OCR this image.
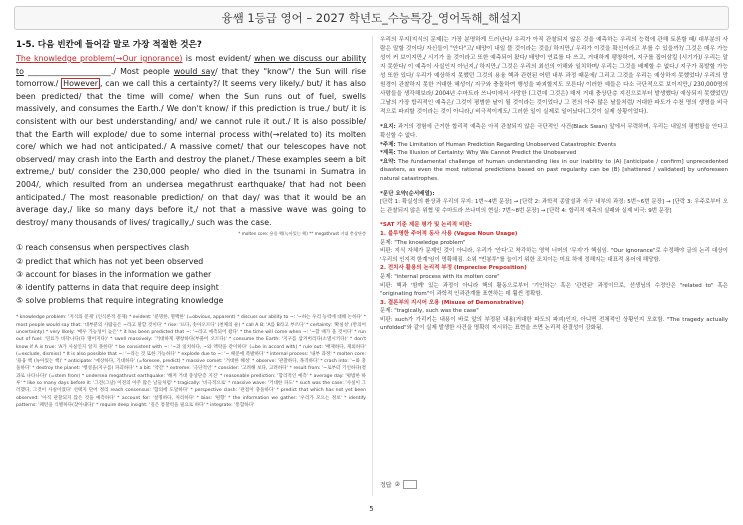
융쌤 1등급 영어 – 2027 학년도_수능특강_영어독해_해설지
1-5. 다음 빈칸에 들어갈 말로 가장 적절한 것은?
The knowledge problem(→Our ignorance) is most evident/ when we discuss our ability to _____________________./ Most people would say/ that they "know"/ the Sun will rise tomorrow./ However , can we call this a certainty?/ It seems very likely./ but/ it has also been predicted/ that the time will come/ when the Sun runs out of fuel, swells massively, and consumes the Earth./ We don't know/ if this prediction is true./ but/ it is consistent with our best understanding/ and/ we cannot rule it out./ It is also possible/ that the Earth will explode/ due to some internal process with(→related to) its molten core/ which we had not anticipated./ A massive comet/ that our telescopes have not observed/ may crash into the Earth and destroy the planet./ These examples seem a bit extreme,/ but/ consider the 230,000 people/ who died in the tsunami in Sumatra in 2004/, which resulted from an undersea megathrust earthquake/ that had not been anticipated./ The most reasonable prediction/ on that day/ was that it would be an average day,/ like so many days before it,/ not that a massive wave was going to destroy/ many thousands of lives/ tragically,/ such was the case.
* molten core: 용융 핵(녹아있는 핵) ** megathrust 거대 충상단층
① reach consensus when perspectives clash
② predict that which has not yet been observed
③ account for biases in the information we gather
④ identify patterns in data that require deep insight
⑤ solve problems that require integrating knowledge
* knowledge problem: '지식의 문제' (인식론적 문제) * evident: '분명한, 명백한' (=obvious, apparent) * discuss our ability to ~: '~하는 우리 능력에 대해 논하다' * most people would say that: '대부분의 사람들은 ~라고 말할 것이다' * rise: '뜨다, 솟아오르다' (천체의 운) * call A B: 'A를 B라고 부르다' * certainty: '확실성' (반의어 uncertainty) * very likely: '매우 가능성이 높은' * it has been predicted that ~: '~라고 예측되어 왔다' * the time will come when ~: '~할 때가 올 것이다' * run out of fuel: '연료가 바닥나다(다 떨어지다)' * swell massively: '거대하게 팽창하다(부풀어 오르다)' * consume the Earth: '지구를 삼켜버리다(소멸시키다)' * don't know if A is true: 'A가 사실인지 알지 못한다' * be consistent with ~: '~과 일치하다, ~와 맥락을 같이하다' (=be in accord with) * rule out: '배제하다, 제외하다' (=exclude, dismiss) * It is also possible that ~: '~라는 것 또한 가능하다' * explode due to ~: '~ 때문에 폭발하다' * internal process: '내부 과정' * molten core: '용융 핵 (녹아있는 핵)' * anticipate: '예상하다, 기대하다' (=foresee, predict) * massive comet: '거대한 혜성' * observe: '관찰하다, 목격하다' * crash into: '~와 충돌하다' * destroy the planet: '행성을(지구를) 파괴하다' * a bit: '약간' * extreme: '극단적인' * consider: '고려해 보다, 고려하다' * result from: '~로부터 기인하다(결과로 나타나다)' (=stem from) * undersea megathrust earthquake: '해저 거대 충상단층 지진' * reasonable prediction: '합리적인 예측' * average day: '평범한 하루' * like so many days before it: '그전(그날) 이전의 아주 많은 날들처럼' * tragically: '비극적으로' * massive wave: '거대한 파도' * such was the case: '사실이 그러했다, 그것이 사실이었다' 선택지 단어 정리 reach consensus: '합의에 도달하다' * perspective clash: '관점이 충돌하다' * predict that which has not yet been observed: '아직 관찰되지 않은 것을 예측하다' * account for: '설명하다, 처리하다' * bias: '편향' * the information we gather: '우리가 모으는 정보' * identify patterns: '패턴을 식별하다(찾아내다)' * require deep insight: '깊은 통찰력을 필요로 하다' * integrate: '통합하다'
우리의 무지(지식의 문제)는 가장 분명하게 드러난다/ 우리가 아직 관찰되지 않은 것을 예측하는 우리의 능력에 관해 토론할 때/ 대부분의 사람은 말할 것이다/ 자신들이 "안다"고/ 태양이 내일 뜰 것이라는 것을/ 하지만,/ 우리가 이것을 확신이라고 부를 수 있을까?/ 그것은 매우 가능성이 커 보이지만,/ 시기가 올 것이라고 또한 예측되어 왔다/ 태양이 연료를 다 쓰고, 거대하게 팽창하여, 지구를 집어삼킬 (시기가)/ 우리는 알지 못한다/ 이 예측이 사실인지 아닌지,/ 하지만,/ 그것은 우리의 최선의 이해와 일치하며/ 우리는 그것을 배제할 수 없다./ 지구가 폭발할 가능성 또한 있다/ 우리가 예상하지 못했던 그것의 용융 핵과 관련된 어떤 내부 과정 때문에/ 그리고 그것을 우리는 예상하지 못했었다/ 우리의 망원경이 관찰하지 못한 거대한 혜성이/ 지구와 충돌하여 행성을 파괴할지도 모른다/ 이러한 예들은 다소 극단적으로 보이지만,/ 230,000명의 사람들을 생각해보라/ 2004년 수마트라 쓰나미에서 사망한 (그런데 그것은) 해저 거대 충상단층 지진으로부터 발생했다/ 예상되지 못했었던/ 그날의 가장 합리적인 예측은/ 그것이 평범한 날이 될 것이라는 것이었다,/ 그 전의 아주 많은 날들처럼/ 거대한 파도가 수천 명의 생명을 비극적으로 파괴할 것이라는 것이 아니라,/ 비극적이게도/ 그러한 일이 실제로 일어났다(그것이 실제 상황이었다).
*요지: 과거의 경험에 근거한 합리적 예측은 아직 관찰되지 않은 극단적인 사건(Black Swan) 앞에서 무력하며, 우리는 내일의 평범함을 안다고 확신할 수 없다.
*주제: The Limitation of Human Prediction Regarding Unobserved Catastrophic Events
*제목: The Illusion of Certainty: Why We Cannot Predict the Unobserved
*요약: The fundamental challenge of human understanding lies in our inability to (A) [anticipate / confirm] unprecedented disasters, as even the most rational predictions based on past regularity can be (B) [shattered / validated] by unforeseen natural catastrophes.
*문단 요약(순서배열):
[단락 1: 확실성의 환상과 우리의 무지: 1번~4번 문장] → [단락 2: 과학적 종말설과 지구 내부의 과정: 5번~6번 문장] → [단락 3: 우주로부터 오는 관찰되지 않은 위협 및 수마트라 쓰나미의 현실: 7번~8번 문장] → [단락 4: 합리적 예측의 실패와 실제 비극: 9번 문장]
*SAT 기준 제문 평가 및 논리적 비판:
1. 불투명한 주어적 동사 사용 (Vague Noun Usage)
문제: "The knowledge problem"
비판: 지식 자체가 문제인 것이 아니라, 우리가 '안다'고 착각하는 영역 너머의 '무지'가 핵심임. "Our ignorance"로 수정해야 글의 논리 대상이 '우리의 인지적 한계'임이 명확해짐. 소위 "빈봉투"를 늘이기 위한 조치이는 미묘 하에 정해지는 대표적 용어에 해당함.
2. 전치사 활용의 논리적 부정 (Imprecise Preposition)
문제: "internal process with its molten core"
비판: 핵과 '함께' 있는 과정이 아니라 핵의 활동으로부터 '기인하는' 혹은 '관련된' 과정이므로, 선생님의 수정안은 "related to" 혹은 "originating from"이 과학적 인과관계를 표현하는 데 훨씬 정확함.
3. 결론부의 지시어 오용 (Misuse of Demonstrative)
문제: "tragically, such was the case"
비판: such가 가리키는 내용이 바로 앞의 부정된 내용(거대한 파도의 파괴)인지, 아니면 전체적인 상황인지 모호함. "The tragedy actually unfolded"와 같이 실제 발생한 사건을 명확히 지시하는 표현을 쓰면 논리적 완결성이 강화됨.
정답 ②
5
